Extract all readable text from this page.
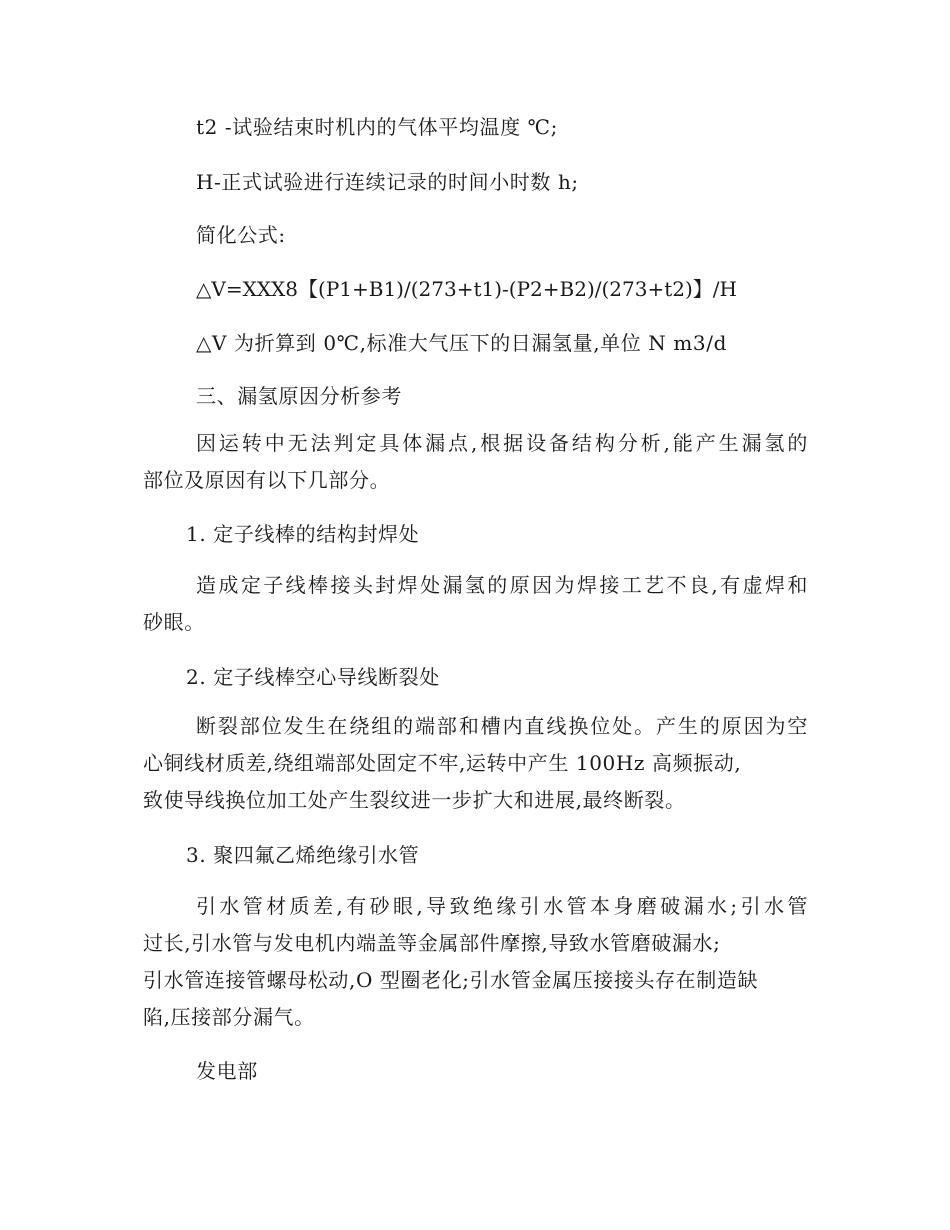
t2 -试验结束时机内的气体平均温度 ℃;

H-正式试验进行连续记录的时间小时数 h;

简化公式:

△V=XXX8【(P1+B1)/(273+t1)-(P2+B2)/(273+t2)】/H

△V 为折算到 0℃,标准大气压下的日漏氢量,单位 N m3/d

三、漏氢原因分析参考

因运转中无法判定具体漏点,根据设备结构分析,能产生漏氢的
部位及原因有以下几部分。

1. 定子线棒的结构封焊处

造成定子线棒接头封焊处漏氢的原因为焊接工艺不良,有虚焊和
砂眼。

2. 定子线棒空心导线断裂处

断裂部位发生在绕组的端部和槽内直线换位处。产生的原因为空
心铜线材质差,绕组端部处固定不牢,运转中产生 100Hz 高频振动,
致使导线换位加工处产生裂纹进一步扩大和进展,最终断裂。

3. 聚四氟乙烯绝缘引水管

引水管材质差,有砂眼,导致绝缘引水管本身磨破漏水;引水管
过长,引水管与发电机内端盖等金属部件摩擦,导致水管磨破漏水;
引水管连接管螺母松动,O 型圈老化;引水管金属压接接头存在制造缺
陷,压接部分漏气。

发电部
